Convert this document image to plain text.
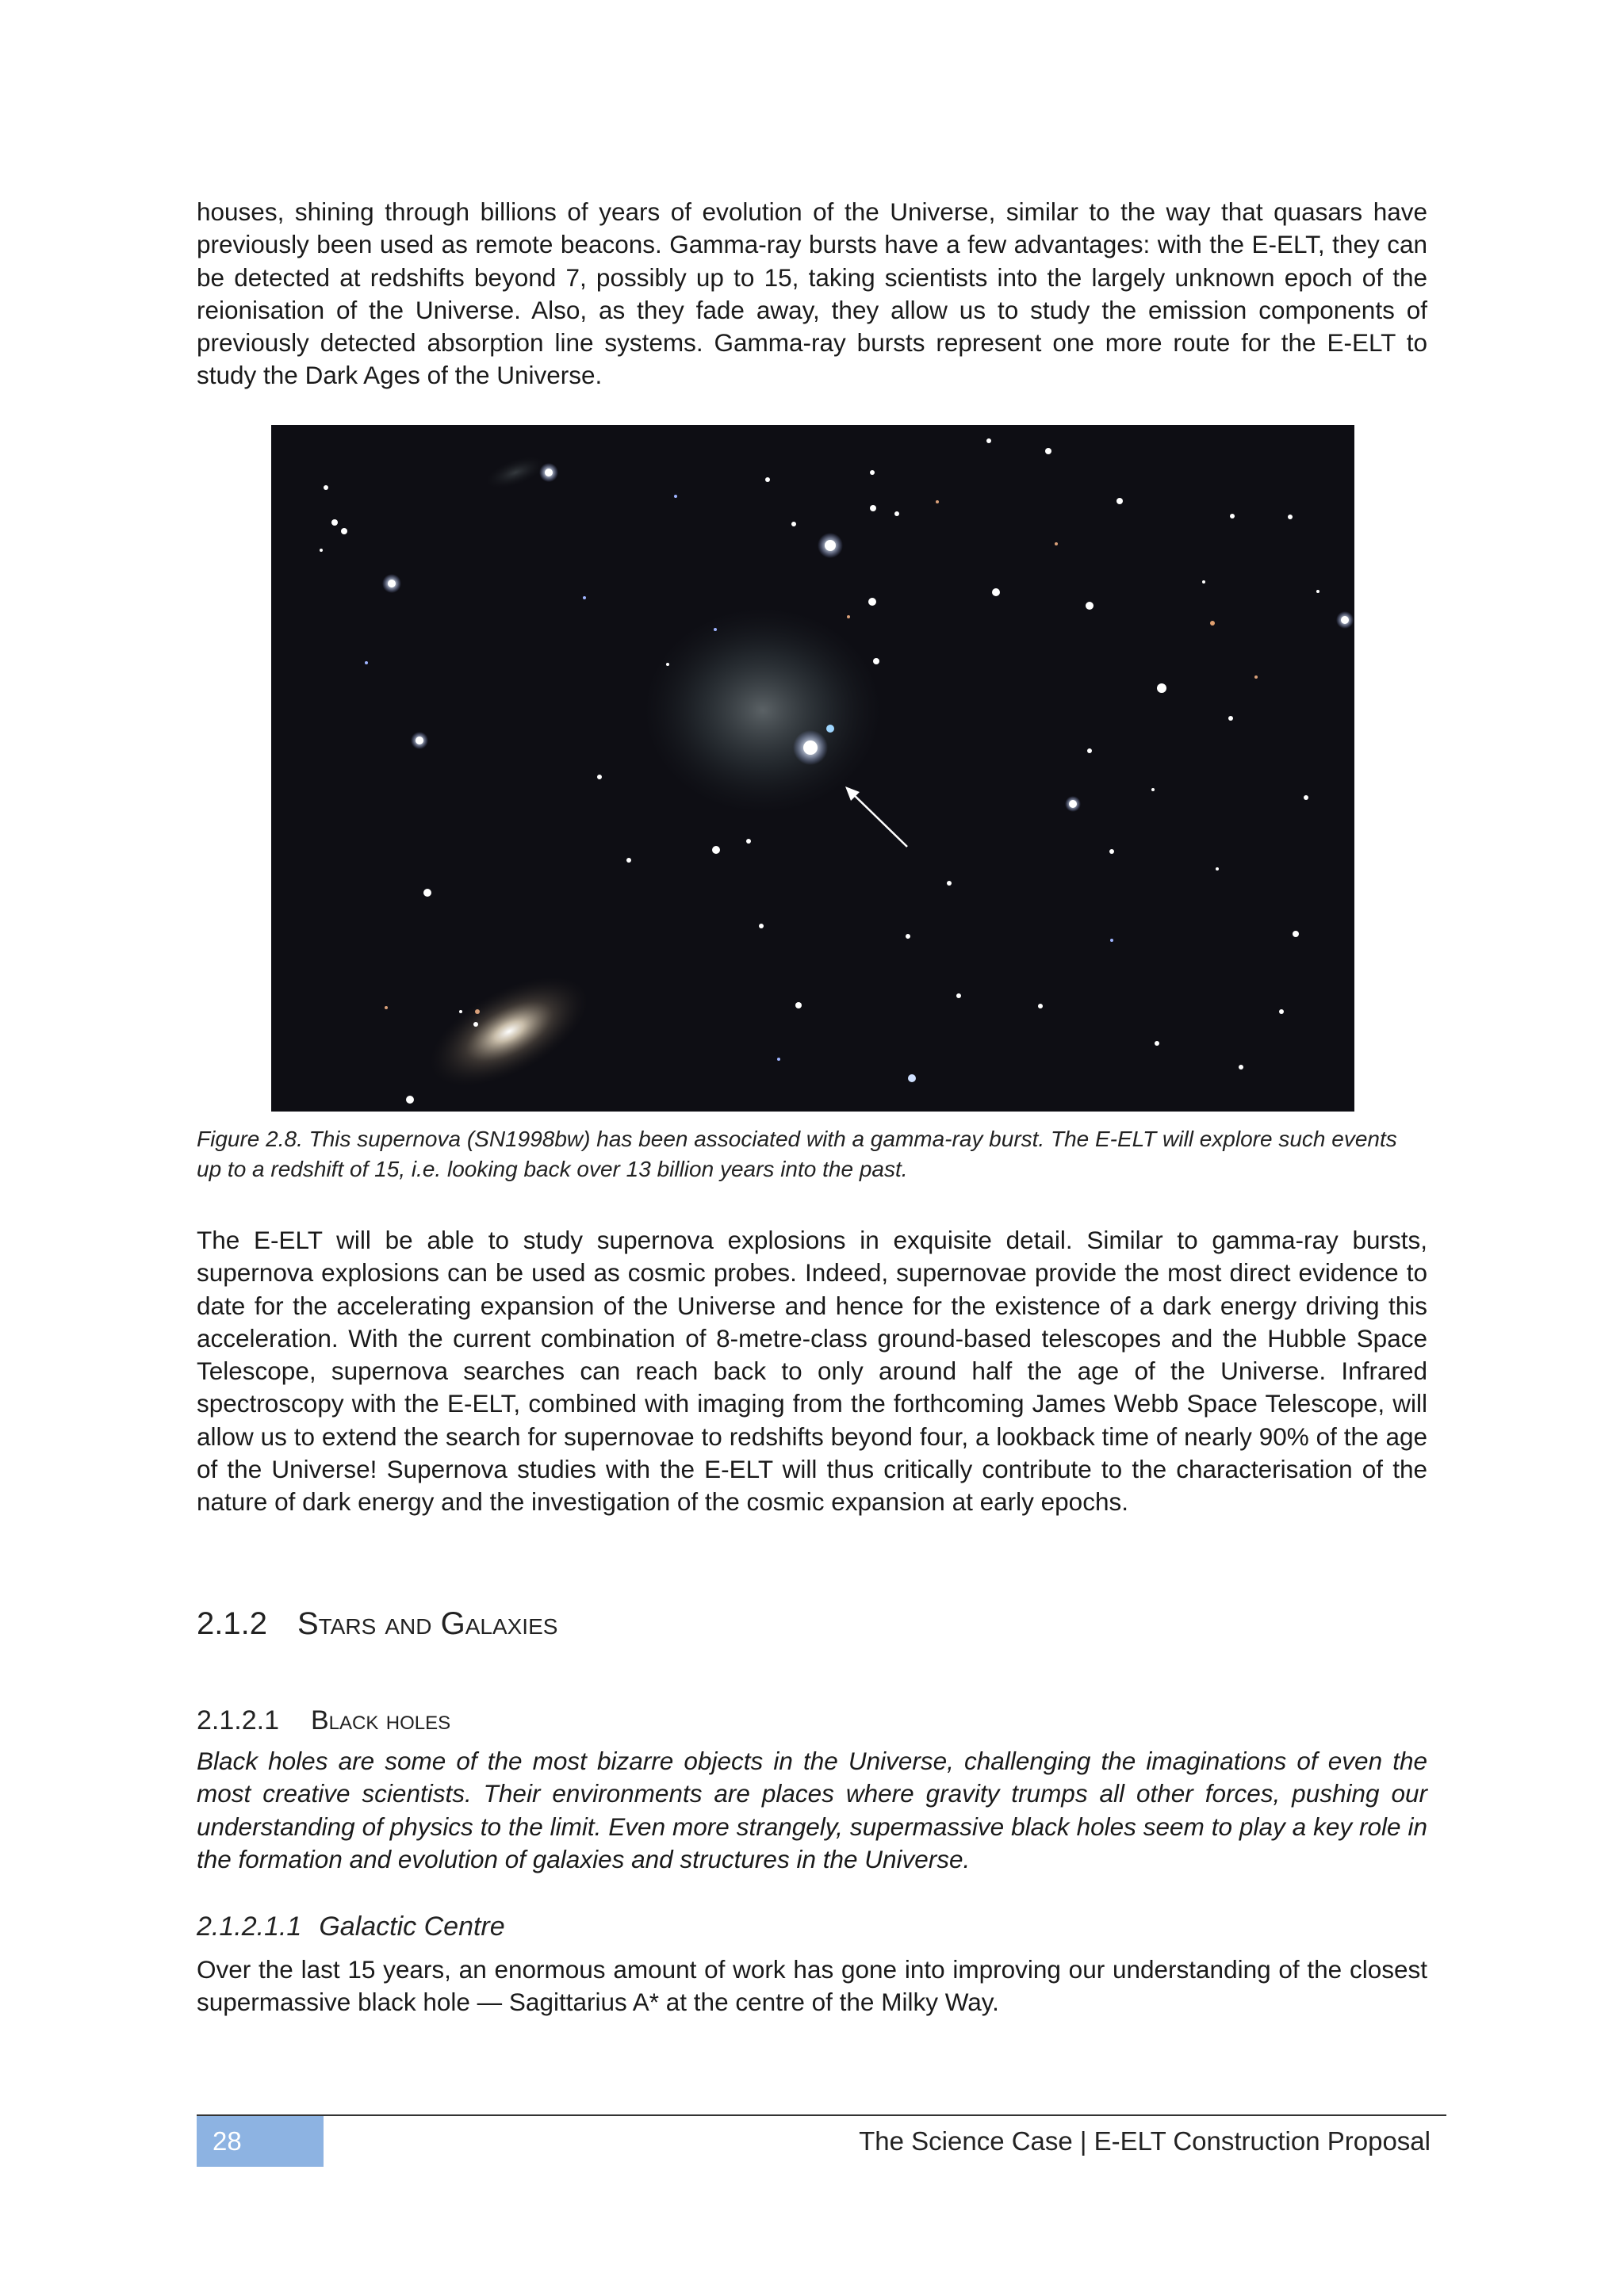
houses, shining through billions of years of evolution of the Universe, similar to the way that quasars have previously been used as remote beacons. Gamma-ray bursts have a few advantages: with the E-ELT, they can be detected at redshifts beyond 7, possibly up to 15, taking scientists into the largely unknown epoch of the reionisation of the Universe. Also, as they fade away, they allow us to study the emission components of previously detected absorption line systems. Gamma-ray bursts represent one more route for the E-ELT to study the Dark Ages of the Universe.

Figure 2.8. This supernova (SN1998bw) has been associated with a gamma-ray burst. The E-ELT will explore such events up to a redshift of 15, i.e. looking back over 13 billion years into the past.

The E-ELT will be able to study supernova explosions in exquisite detail. Similar to gamma-ray bursts, supernova explosions can be used as cosmic probes. Indeed, supernovae provide the most direct evidence to date for the accelerating expansion of the Universe and hence for the existence of a dark energy driving this acceleration. With the current combination of 8-metre-class ground-based telescopes and the Hubble Space Telescope, supernova searches can reach back to only around half the age of the Universe. Infrared spectroscopy with the E-ELT, combined with imaging from the forthcoming James Webb Space Telescope, will allow us to extend the search for supernovae to redshifts beyond four, a lookback time of nearly 90% of the age of the Universe! Supernova studies with the E-ELT will thus critically contribute to the characterisation of the nature of dark energy and the investigation of the cosmic expansion at early epochs.

2.1.2 Stars and Galaxies
2.1.2.1 Black holes

Black holes are some of the most bizarre objects in the Universe, challenging the imaginations of even the most creative scientists. Their environments are places where gravity trumps all other forces, pushing our understanding of physics to the limit. Even more strangely, supermassive black holes seem to play a key role in the formation and evolution of galaxies and structures in the Universe.

2.1.2.1.1 Galactic Centre

Over the last 15 years, an enormous amount of work has gone into improving our understanding of the closest supermassive black hole — Sagittarius A* at the centre of the Milky Way.

28	The Science Case | E-ELT Construction Proposal
